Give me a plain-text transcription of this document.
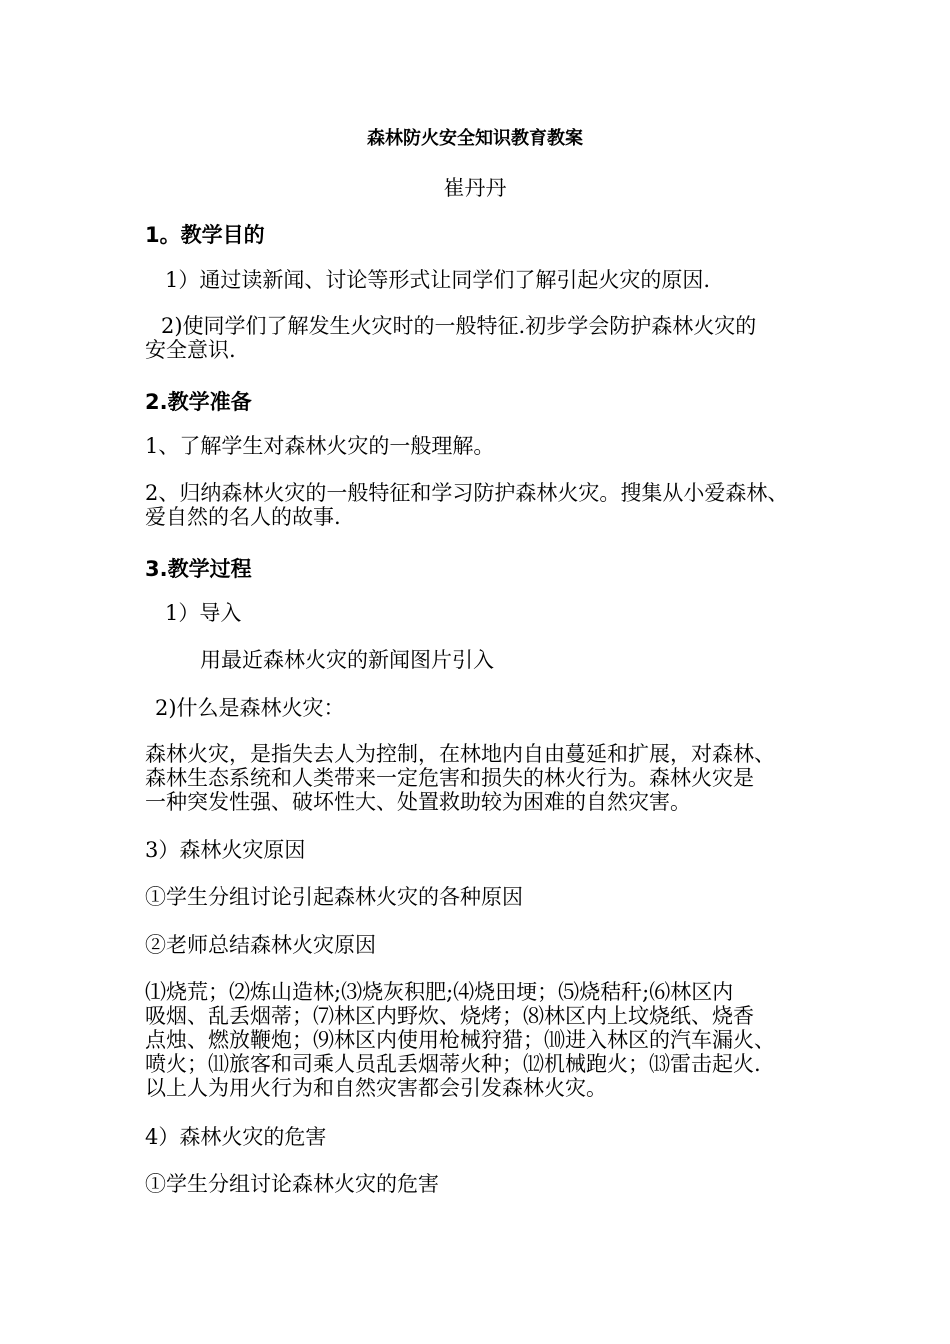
森林防火安全知识教育教案
崔丹丹
1。教学目的
1）通过读新闻、讨论等形式让同学们了解引起火灾的原因.
2)使同学们了解发生火灾时的一般特征.初步学会防护森林火灾的
安全意识.
2.教学准备
1、了解学生对森林火灾的一般理解。
2、归纳森林火灾的一般特征和学习防护森林火灾。搜集从小爱森林、
爱自然的名人的故事.
3.教学过程
1）导入
用最近森林火灾的新闻图片引入
2)什么是森林火灾：
森林火灾，是指失去人为控制，在林地内自由蔓延和扩展，对森林、
森林生态系统和人类带来一定危害和损失的林火行为。森林火灾是
一种突发性强、破坏性大、处置救助较为困难的自然灾害。
3）森林火灾原因
①学生分组讨论引起森林火灾的各种原因
②老师总结森林火灾原因
⑴烧荒；⑵炼山造林;⑶烧灰积肥;⑷烧田埂；⑸烧秸秆;⑹林区内
吸烟、乱丢烟蒂；⑺林区内野炊、烧烤；⑻林区内上坟烧纸、烧香
点烛、燃放鞭炮；⑼林区内使用枪械狩猎；⑽进入林区的汽车漏火、
喷火；⑾旅客和司乘人员乱丢烟蒂火种；⑿机械跑火；⒀雷击起火.
以上人为用火行为和自然灾害都会引发森林火灾。
4）森林火灾的危害
①学生分组讨论森林火灾的危害
